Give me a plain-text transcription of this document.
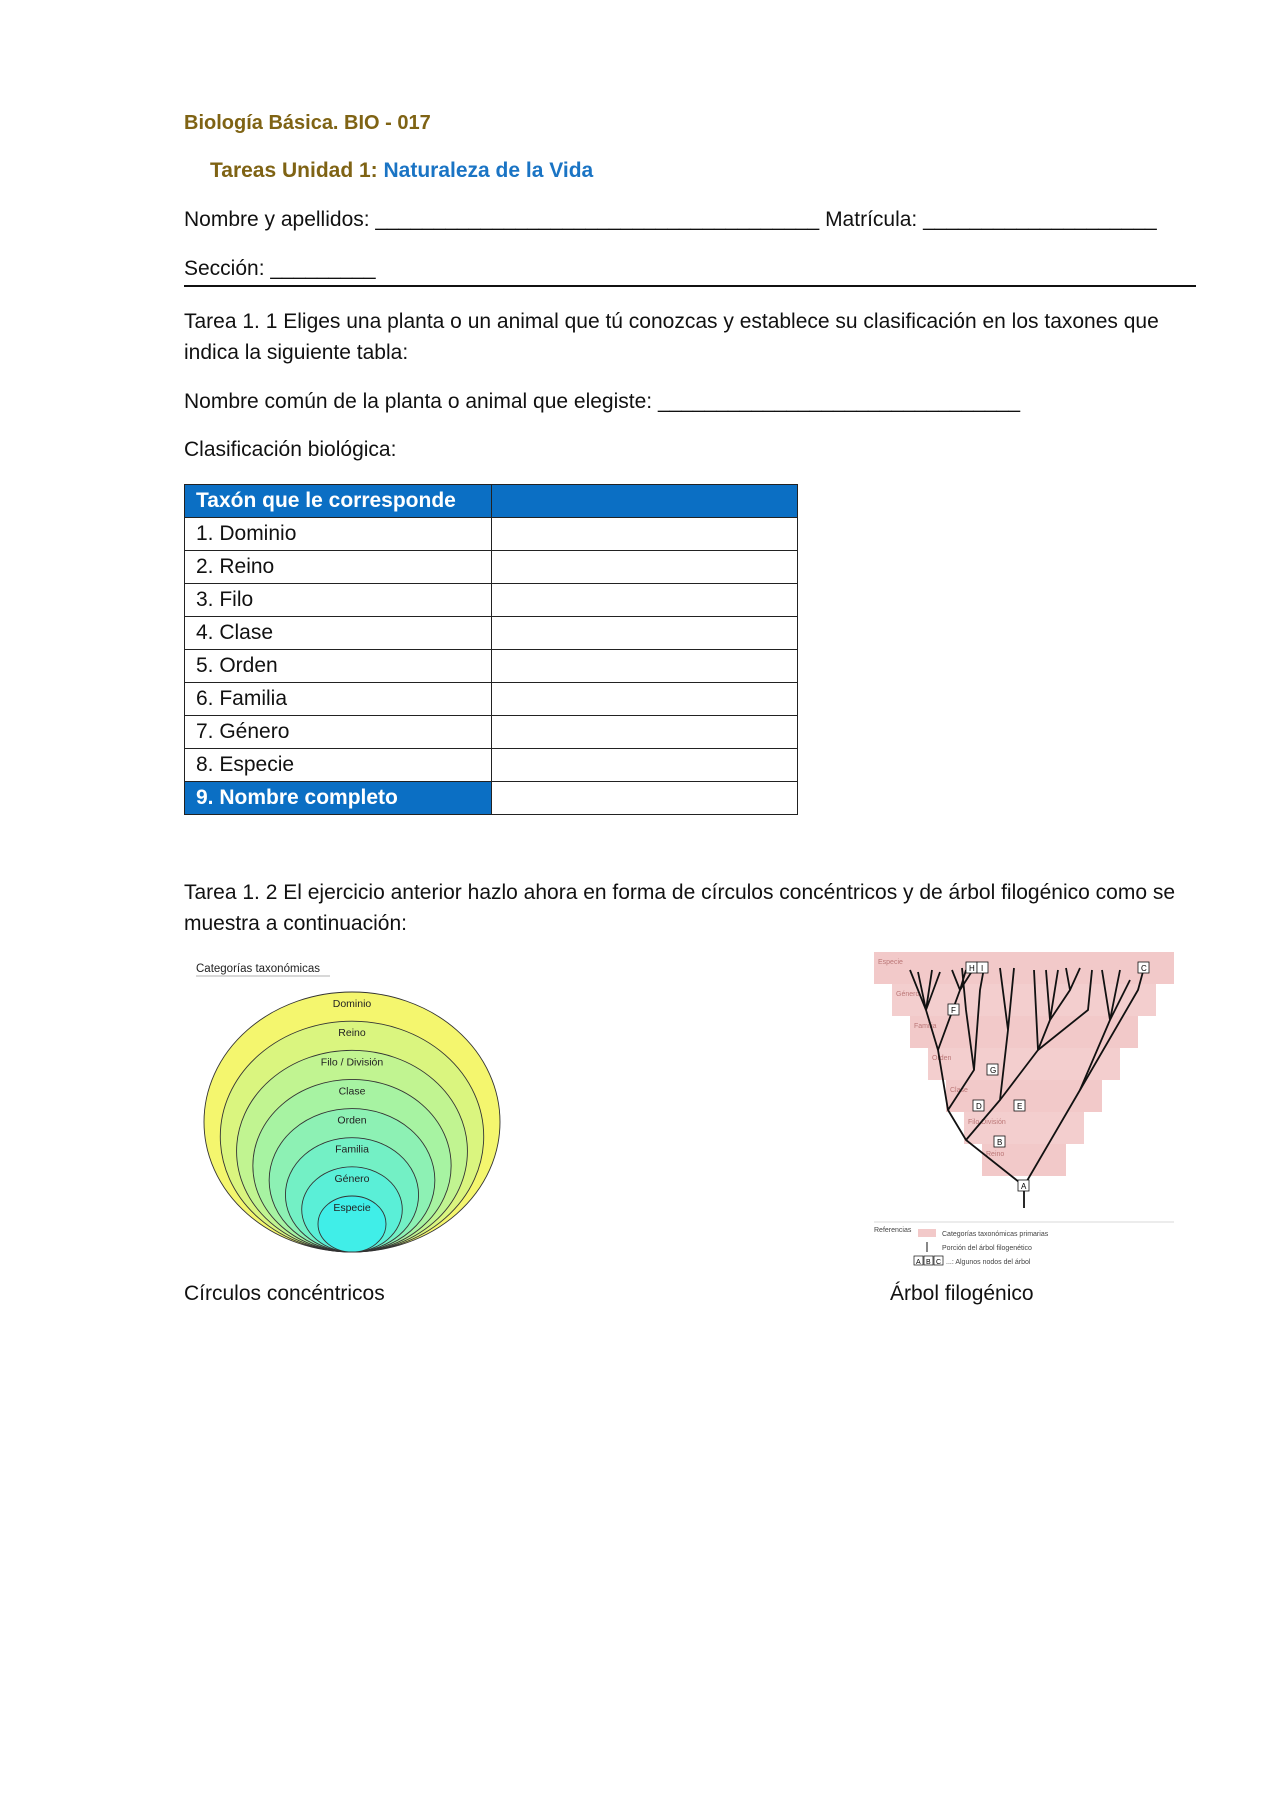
Biología Básica. BIO - 017
Tareas Unidad 1: Naturaleza de la Vida
Nombre y apellidos: ______________________________________ Matrícula: ____________________
Sección: _________
Tarea 1. 1 Eliges una planta o un animal que tú conozcas y establece su clasificación en los taxones que indica la siguiente tabla:
Nombre común de la planta o animal que elegiste: _______________________________
Clasificación biológica:
Taxón que le corresponde	
1. Dominio	
2. Reino	
3. Filo	
4. Clase	
5. Orden	
6. Familia	
7. Género	
8. Especie	
9. Nombre completo	
Tarea 1. 2 El ejercicio anterior hazlo ahora en forma de círculos concéntricos y de árbol filogénico como se muestra a continuación:
Categorías taxonómicas
Dominio
Reino
Filo / División
Clase
Orden
Familia
Género
Especie
Especie
Género
Familia
Orden
Clase
Filo División
Reino
A
B
C
D	E
F
G
H I
Referencias
Categorías taxonómicas primarias
Porción del árbol filogenético
A B C ...: Algunos nodos del árbol
Círculos concéntricos	Árbol filogénico
